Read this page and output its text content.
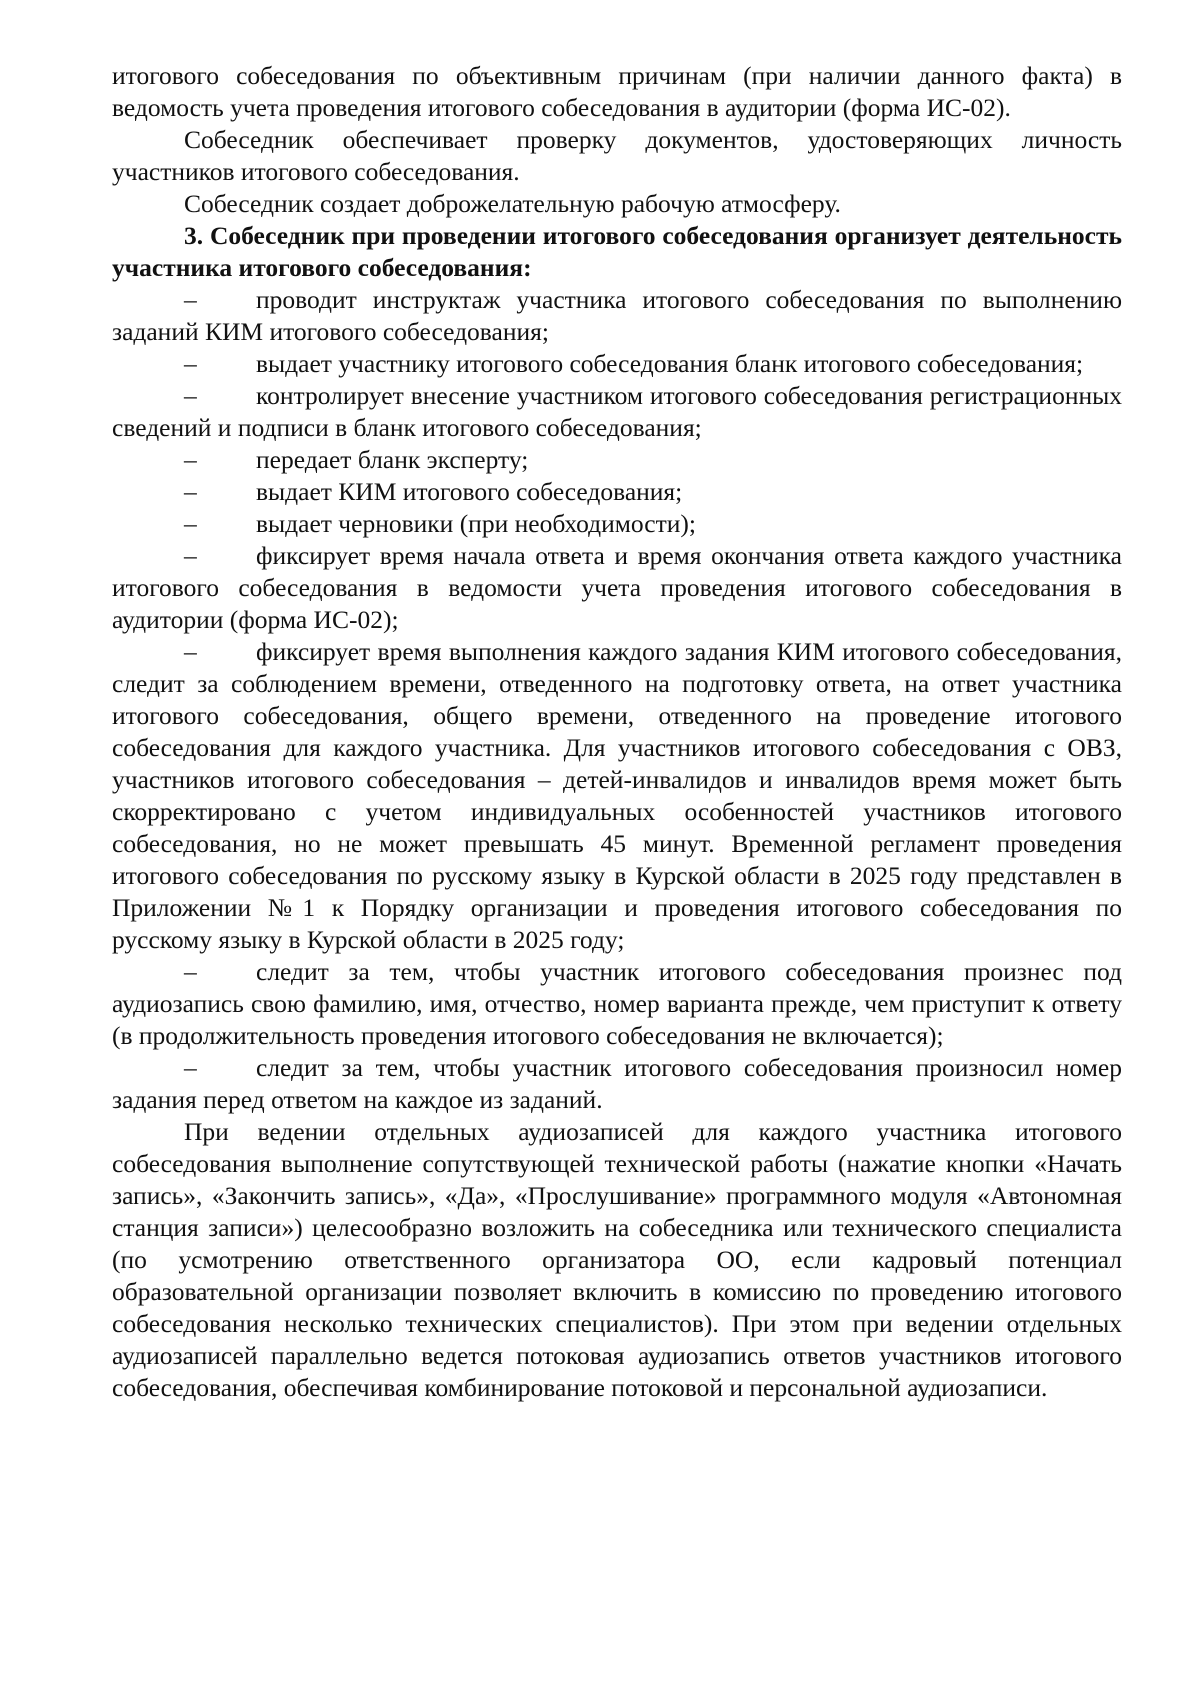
итогового собеседования по объективным причинам (при наличии данного факта) в ведомость учета проведения итогового собеседования в аудитории (форма ИС-02).

Собеседник обеспечивает проверку документов, удостоверяющих личность участников итогового собеседования.

Собеседник создает доброжелательную рабочую атмосферу.

3. Собеседник при проведении итогового собеседования организует деятельность участника итогового собеседования:

– проводит инструктаж участника итогового собеседования по выполнению заданий КИМ итогового собеседования;

– выдает участнику итогового собеседования бланк итогового собеседования;

– контролирует внесение участником итогового собеседования регистрационных сведений и подписи в бланк итогового собеседования;

– передает бланк эксперту;

– выдает КИМ итогового собеседования;

– выдает черновики (при необходимости);

– фиксирует время начала ответа и время окончания ответа каждого участника итогового собеседования в ведомости учета проведения итогового собеседования в аудитории (форма ИС-02);

– фиксирует время выполнения каждого задания КИМ итогового собеседования, следит за соблюдением времени, отведенного на подготовку ответа, на ответ участника итогового собеседования, общего времени, отведенного на проведение итогового собеседования для каждого участника. Для участников итогового собеседования с ОВЗ, участников итогового собеседования – детей-инвалидов и инвалидов время может быть скорректировано с учетом индивидуальных особенностей участников итогового собеседования, но не может превышать 45 минут. Временной регламент проведения итогового собеседования по русскому языку в Курской области в 2025 году представлен в Приложении №1 к Порядку организации и проведения итогового собеседования по русскому языку в Курской области в 2025 году;

– следит за тем, чтобы участник итогового собеседования произнес под аудиозапись свою фамилию, имя, отчество, номер варианта прежде, чем приступит к ответу (в продолжительность проведения итогового собеседования не включается);

– следит за тем, чтобы участник итогового собеседования произносил номер задания перед ответом на каждое из заданий.

При ведении отдельных аудиозаписей для каждого участника итогового собеседования выполнение сопутствующей технической работы (нажатие кнопки «Начать запись», «Закончить запись», «Да», «Прослушивание» программного модуля «Автономная станция записи») целесообразно возложить на собеседника или технического специалиста (по усмотрению ответственного организатора ОО, если кадровый потенциал образовательной организации позволяет включить в комиссию по проведению итогового собеседования несколько технических специалистов). При этом при ведении отдельных аудиозаписей параллельно ведется потоковая аудиозапись ответов участников итогового собеседования, обеспечивая комбинирование потоковой и персональной аудиозаписи.
